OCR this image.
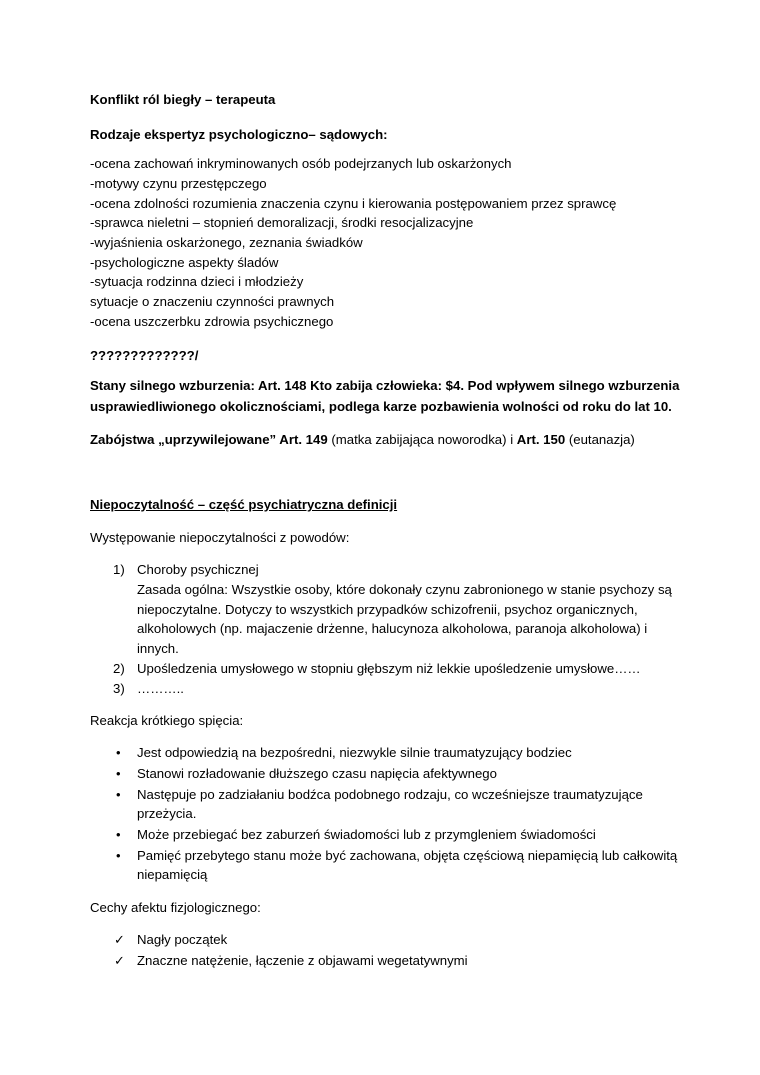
Konflikt ról biegły – terapeuta
Rodzaje ekspertyz psychologiczno– sądowych:
-ocena zachowań inkryminowanych osób podejrzanych lub oskarżonych
-motywy czynu przestępczego
-ocena zdolności rozumienia znaczenia czynu i kierowania postępowaniem przez sprawcę
-sprawca nieletni – stopnień demoralizacji, środki resocjalizacyjne
-wyjaśnienia oskarżonego, zeznania świadków
-psychologiczne aspekty śladów
-sytuacja rodzinna dzieci i młodzieży
sytuacje o znaczeniu czynności prawnych
-ocena uszczerbku zdrowia psychicznego
?????????????/
Stany silnego wzburzenia: Art. 148 Kto zabija człowieka: $4. Pod wpływem silnego wzburzenia
usprawiedliwionego okolicznościami, podlega karze pozbawienia wolności od roku do lat 10.
Zabójstwa „uprzywilejowane” Art. 149 (matka zabijająca noworodka) i Art. 150 (eutanazja)
Niepoczytalność – część psychiatryczna definicji
Występowanie niepoczytalności z powodów:
1) Choroby psychicznej
Zasada ogólna: Wszystkie osoby, które dokonały czynu zabronionego w stanie psychozy są
niepoczytalne. Dotyczy to wszystkich przypadków schizofrenii, psychoz organicznych,
alkoholowych (np. majaczenie drżenne, halucynoza alkoholowa, paranoja alkoholowa) i
innych.
2) Upośledzenia umysłowego w stopniu głębszym niż lekkie upośledzenie umysłowe……
3) ………..
Reakcja krótkiego spięcia:
• Jest odpowiedzią na bezpośredni, niezwykle silnie traumatyzujący bodziec
• Stanowi rozładowanie dłuższego czasu napięcia afektywnego
• Następuje po zadziałaniu bodźca podobnego rodzaju, co wcześniejsze traumatyzujące
przeżycia.
• Może przebiegać bez zaburzeń świadomości lub z przymgleniem świadomości
• Pamięć przebytego stanu może być zachowana, objęta częściową niepamięcią lub całkowitą
niepamięcią
Cechy afektu fizjologicznego:
✓ Nagły początek
✓ Znaczne natężenie, łączenie z objawami wegetatywnymi
